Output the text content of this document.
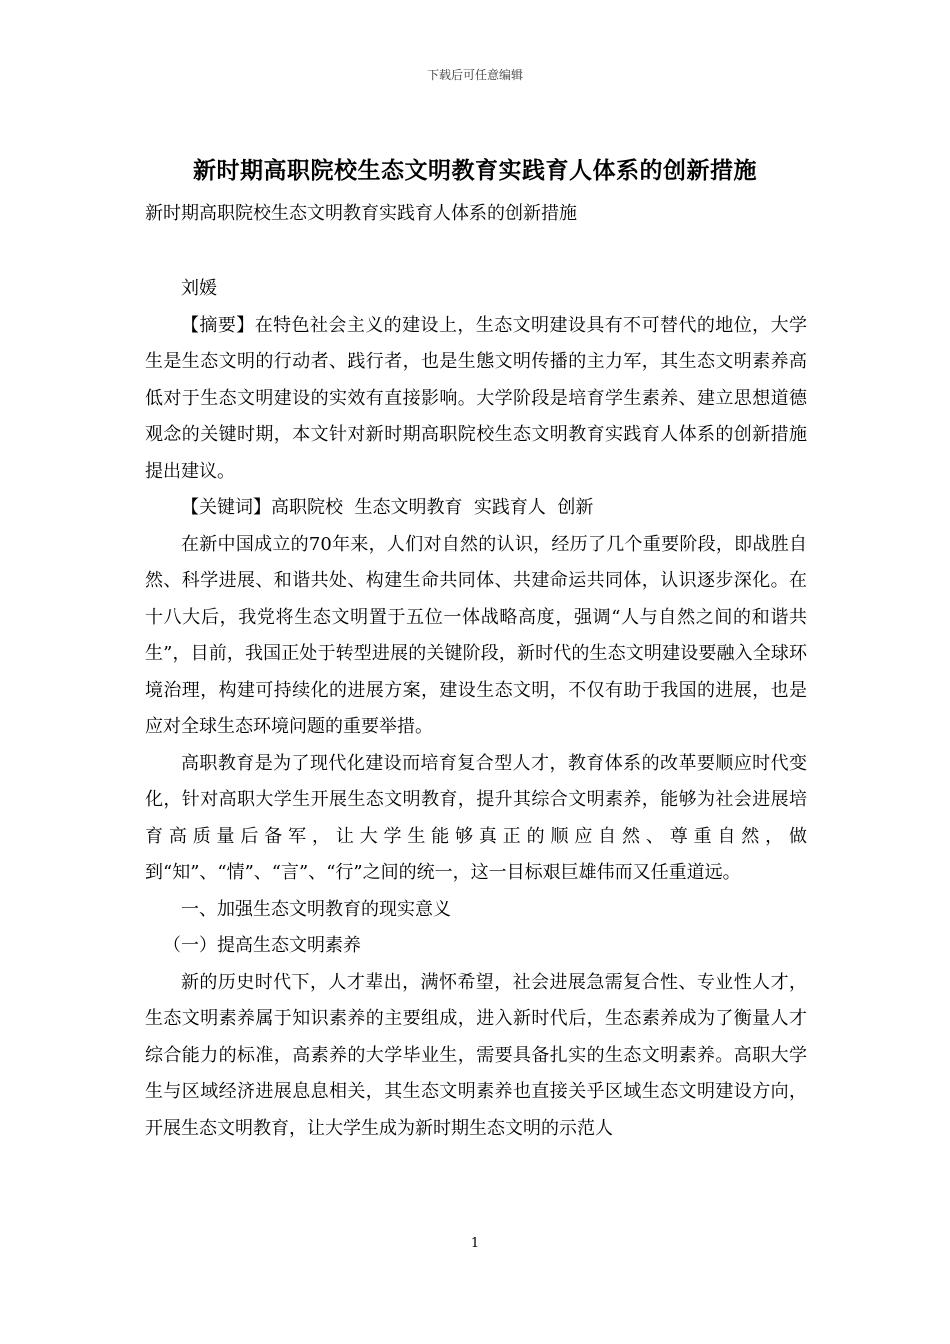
下载后可任意编辑
新时期高职院校生态文明教育实践育人体系的创新措施
新时期高职院校生态文明教育实践育人体系的创新措施

刘媛

【摘要】在特色社会主义的建设上，生态文明建设具有不可替代的地位，大学生是生态文明的行动者、践行者，也是生態文明传播的主力军，其生态文明素养高低对于生态文明建设的实效有直接影响。大学阶段是培育学生素养、建立思想道德观念的关键时期，本文针对新时期高职院校生态文明教育实践育人体系的创新措施提出建议。

【关键词】高职院校  生态文明教育  实践育人  创新

在新中国成立的70年来，人们对自然的认识，经历了几个重要阶段，即战胜自然、科学进展、和谐共处、构建生命共同体、共建命运共同体，认识逐步深化。在十八大后，我党将生态文明置于五位一体战略高度，强调“人与自然之间的和谐共生”，目前，我国正处于转型进展的关键阶段，新时代的生态文明建设要融入全球环境治理，构建可持续化的进展方案，建设生态文明，不仅有助于我国的进展，也是应对全球生态环境问题的重要举措。

高职教育是为了现代化建设而培育复合型人才，教育体系的改革要顺应时代变化，针对高职大学生开展生态文明教育，提升其综合文明素养，能够为社会进展培育高质量后备军，让大学生能够真正的顺应自然、尊重自然，做到“知”、“情”、“言”、“行”之间的统一，这一目标艰巨雄伟而又任重道远。

一、加强生态文明教育的现实意义

（一）提高生态文明素养

新的历史时代下，人才辈出，满怀希望，社会进展急需复合性、专业性人才，生态文明素养属于知识素养的主要组成，进入新时代后，生态素养成为了衡量人才综合能力的标准，高素养的大学毕业生，需要具备扎实的生态文明素养。高职大学生与区域经济进展息息相关，其生态文明素养也直接关乎区域生态文明建设方向，开展生态文明教育，让大学生成为新时期生态文明的示范人

1
